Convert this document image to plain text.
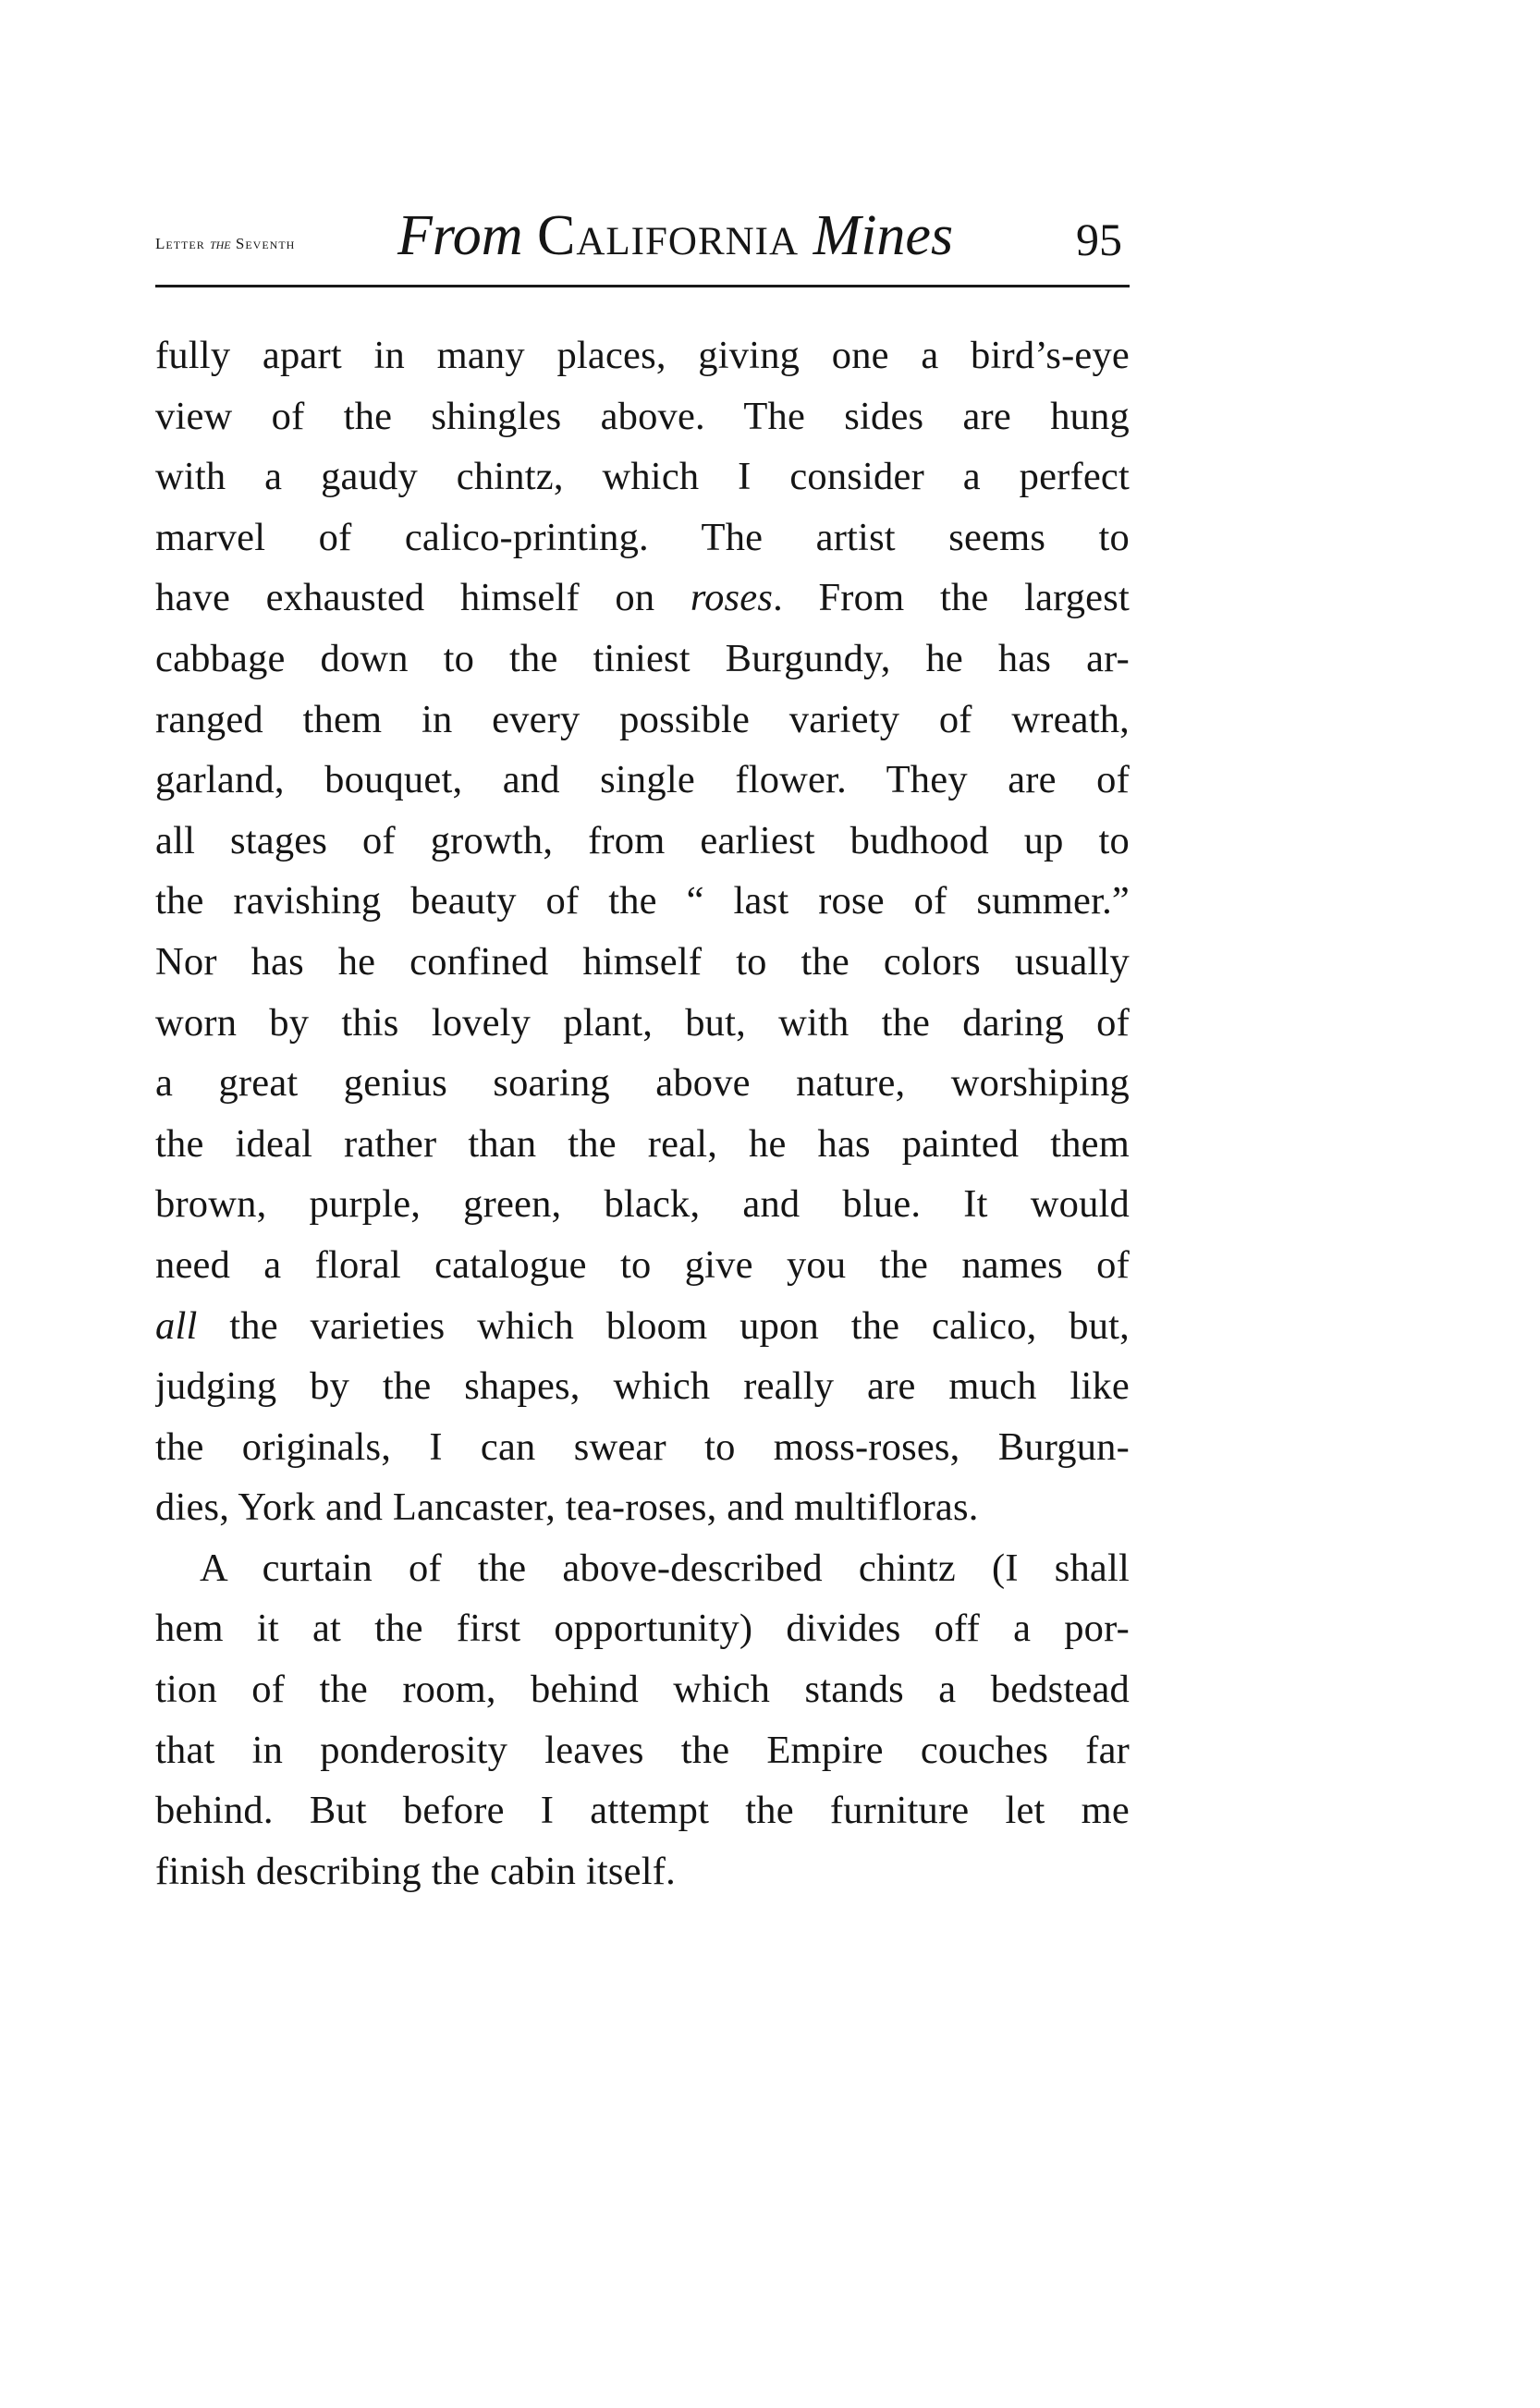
Letter the Seventh From California Mines	95
fully apart in many places, giving one a bird’s-eye
view of the shingles above. The sides are hung
with a gaudy chintz, which I consider a perfect
marvel of calico-printing. The artist seems to
have exhausted himself on roses. From the largest
cabbage down to the tiniest Burgundy, he has ar-
ranged them in every possible variety of wreath,
garland, bouquet, and single flower. They are of
all stages of growth, from earliest budhood up to
the ravishing beauty of the “ last rose of summer.”
Nor has he confined himself to the colors usually
worn by this lovely plant, but, with the daring of
a great genius soaring above nature, worshiping
the ideal rather than the real, he has painted them
brown, purple, green, black, and blue. It would
need a floral catalogue to give you the names of
all the varieties which bloom upon the calico, but,
judging by the shapes, which really are much like
the originals, I can swear to moss-roses, Burgun-
dies, York and Lancaster, tea-roses, and multifloras.
A curtain of the above-described chintz (I shall
hem it at the first opportunity) divides off a por-
tion of the room, behind which stands a bedstead
that in ponderosity leaves the Empire couches far
behind. But before I attempt the furniture let me
finish describing the cabin itself.
